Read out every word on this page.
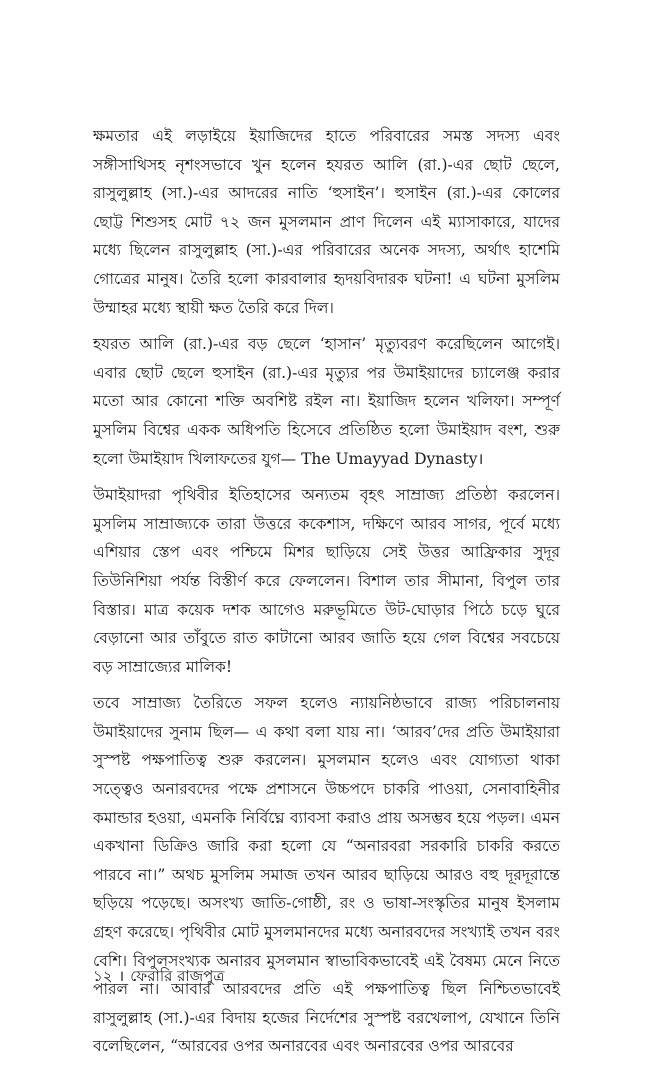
ক্ষমতার এই লড়াইয়ে ইয়াজিদের হাতে পরিবারের সমস্ত সদস্য এবং সঙ্গীসাথিসহ নৃশংসভাবে খুন হলেন হযরত আলি (রা.)-এর ছোট ছেলে, রাসুলুল্লাহ (সা.)-এর আদরের নাতি ‘হুসাইন’। হুসাইন (রা.)-এর কোলের ছোট্ট শিশুসহ মোট ৭২ জন মুসলমান প্রাণ দিলেন এই ম্যাসাকারে, যাদের মধ্যে ছিলেন রাসুলুল্লাহ (সা.)-এর পরিবারের অনেক সদস্য, অর্থাৎ হাশেমি গোত্রের মানুষ। তৈরি হলো কারবালার হৃদয়বিদারক ঘটনা! এ ঘটনা মুসলিম উম্মাহর মধ্যে স্থায়ী ক্ষত তৈরি করে দিল।

হযরত আলি (রা.)-এর বড় ছেলে ‘হাসান’ মৃত্যুবরণ করেছিলেন আগেই। এবার ছোট ছেলে হুসাইন (রা.)-এর মৃত্যুর পর উমাইয়াদের চ্যালেঞ্জ করার মতো আর কোনো শক্তি অবশিষ্ট রইল না। ইয়াজিদ হলেন খলিফা। সম্পূর্ণ মুসলিম বিশ্বের একক অধিপতি হিসেবে প্রতিষ্ঠিত হলো উমাইয়াদ বংশ, শুরু হলো উমাইয়াদ খিলাফতের যুগ— The Umayyad Dynasty।

উমাইয়াদরা পৃথিবীর ইতিহাসের অন্যতম বৃহৎ সাম্রাজ্য প্রতিষ্ঠা করলেন। মুসলিম সাম্রাজ্যকে তারা উত্তরে ককেশাস, দক্ষিণে আরব সাগর, পূর্বে মধ্যে এশিয়ার স্তেপ এবং পশ্চিমে মিশর ছাড়িয়ে সেই উত্তর আফ্রিকার সুদূর তিউনিশিয়া পর্যন্ত বিস্তীর্ণ করে ফেললেন। বিশাল তার সীমানা, বিপুল তার বিস্তার। মাত্র কয়েক দশক আগেও মরুভূমিতে উট-ঘোড়ার পিঠে চড়ে ঘুরে বেড়ানো আর তাঁবুতে রাত কাটানো আরব জাতি হয়ে গেল বিশ্বের সবচেয়ে বড় সাম্রাজ্যের মালিক!

তবে সাম্রাজ্য তৈরিতে সফল হলেও ন্যায়নিষ্ঠভাবে রাজ্য পরিচালনায় উমাইয়াদের সুনাম ছিল— এ কথা বলা যায় না। ‘আরব’দের প্রতি উমাইয়ারা সুস্পষ্ট পক্ষপাতিত্ব শুরু করলেন। মুসলমান হলেও এবং যোগ্যতা থাকা সত্ত্বেও অনারবদের পক্ষে প্রশাসনে উচ্চপদে চাকরি পাওয়া, সেনাবাহিনীর কমান্ডার হওয়া, এমনকি নির্বিঘ্নে ব্যাবসা করাও প্রায় অসম্ভব হয়ে পড়ল। এমন একখানা ডিক্রিও জারি করা হলো যে “অনারবরা সরকারি চাকরি করতে পারবে না।” অথচ মুসলিম সমাজ তখন আরব ছাড়িয়ে আরও বহু দূরদূরান্তে ছড়িয়ে পড়েছে। অসংখ্য জাতি-গোষ্ঠী, রং ও ভাষা-সংস্কৃতির মানুষ ইসলাম গ্রহণ করেছে। পৃথিবীর মোট মুসলমানদের মধ্যে অনারবদের সংখ্যাই তখন বরং বেশি। বিপুলসংখ্যক অনারব মুসলমান স্বাভাবিকভাবেই এই বৈষম্য মেনে নিতে পারল না। আবার আরবদের প্রতি এই পক্ষপাতিত্ব ছিল নিশ্চিতভাবেই রাসুলুল্লাহ (সা.)-এর বিদায় হজের নির্দেশের সুস্পষ্ট বরখেলাপ, যেখানে তিনি বলেছিলেন, “আরবের ওপর অনারবের এবং অনারবের ওপর আরবের

১২ । ফেরারি রাজপুত্র
